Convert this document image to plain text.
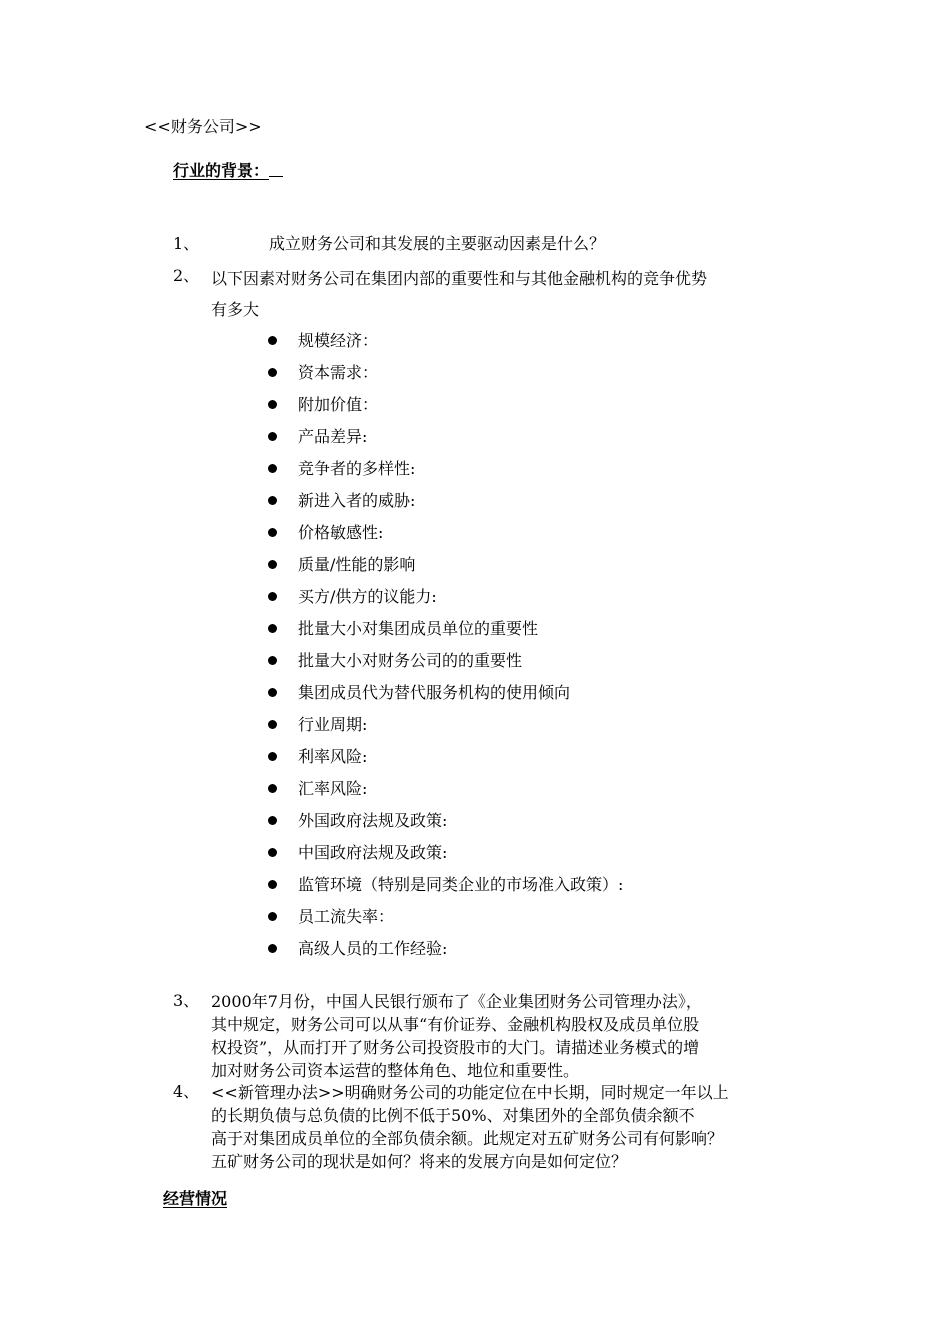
<<财务公司>>
行业的背景：
1、	成立财务公司和其发展的主要驱动因素是什么？
2、 以下因素对财务公司在集团内部的重要性和与其他金融机构的竞争优势
有多大
规模经济：
资本需求：
附加价值：
产品差异:
竞争者的多样性:
新进入者的威胁:
价格敏感性:
质量/性能的影响
买方/供方的议能力:
批量大小对集团成员单位的重要性
批量大小对财务公司的的重要性
集团成员代为替代服务机构的使用倾向
行业周期:
利率风险:
汇率风险:
外国政府法规及政策:
中国政府法规及政策:
监管环境（特别是同类企业的市场准入政策）:
员工流失率：
高级人员的工作经验:
3、 2000年7月份，中国人民银行颁布了《企业集团财务公司管理办法》，
其中规定，财务公司可以从事“有价证券、金融机构股权及成员单位股
权投资”，从而打开了财务公司投资股市的大门。请描述业务模式的增
加对财务公司资本运营的整体角色、地位和重要性。
4、 <<新管理办法>>明确财务公司的功能定位在中长期，同时规定一年以上
的长期负债与总负债的比例不低于50%、对集团外的全部负债余额不
高于对集团成员单位的全部负债余额。此规定对五矿财务公司有何影响？
五矿财务公司的现状是如何？将来的发展方向是如何定位？
经营情况
